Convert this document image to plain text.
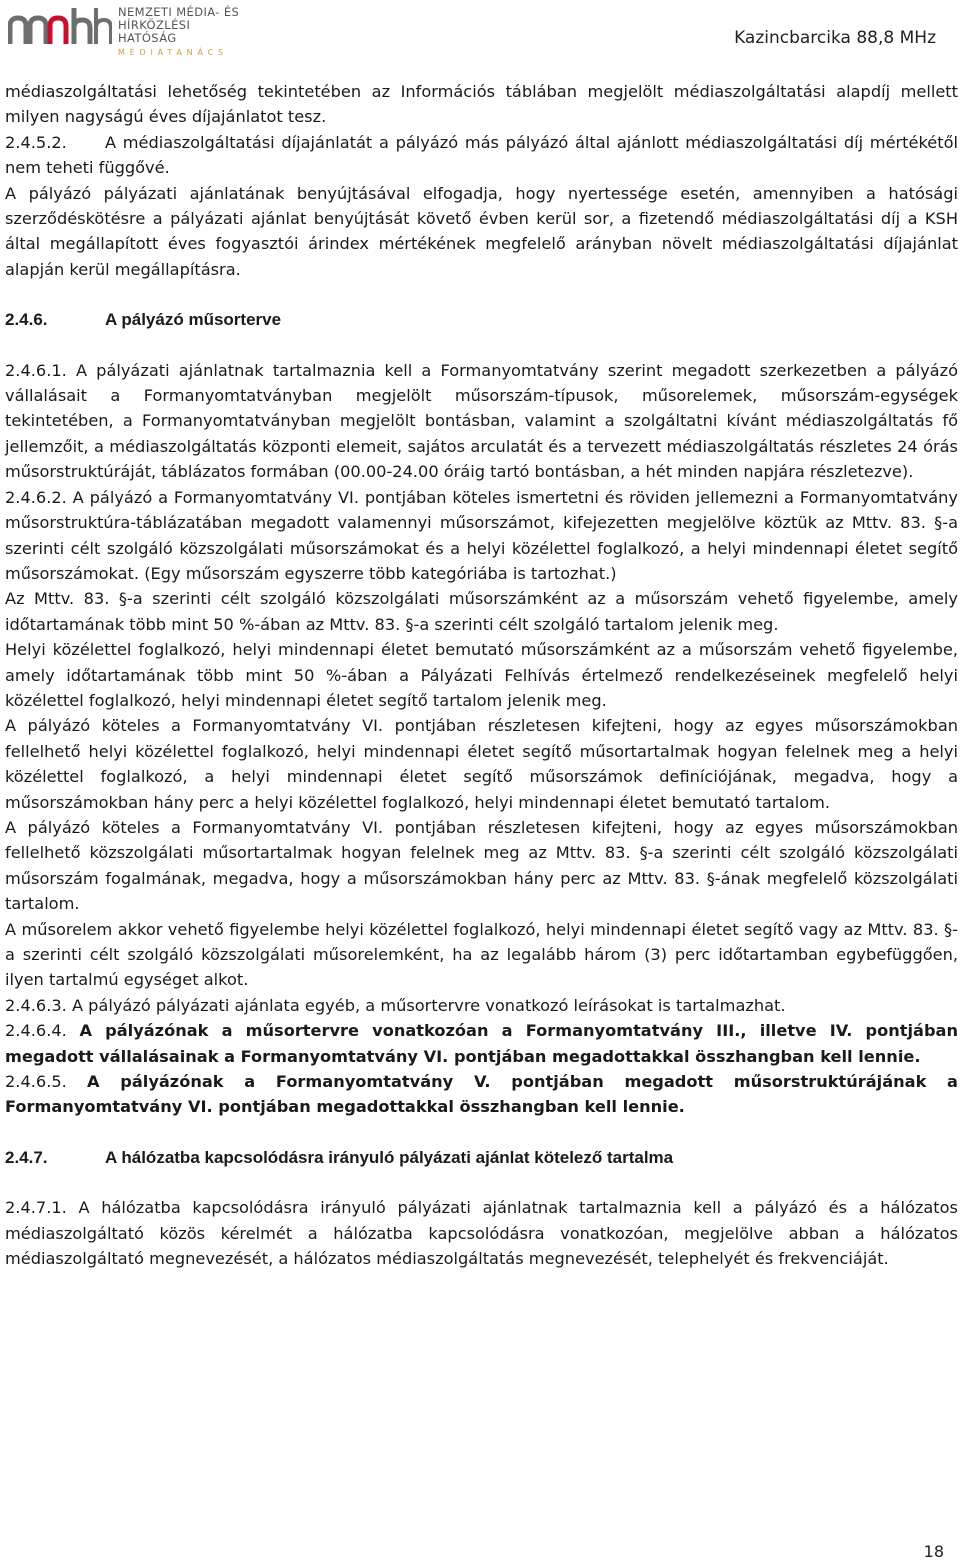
NEMZETI MÉDIA- ÉS
HÍRKÖZLÉSI HATÓSÁG
MÉDIATANÁCS
Kazincbarcika 88,8 MHz

médiaszolgáltatási lehetőség tekintetében az Információs táblában megjelölt médiaszolgáltatási alapdíj mellett milyen nagyságú éves díjajánlatot tesz.

2.4.5.2. A médiaszolgáltatási díjajánlatát a pályázó más pályázó által ajánlott médiaszolgáltatási díj mértékétől nem teheti függővé.

A pályázó pályázati ajánlatának benyújtásával elfogadja, hogy nyertessége esetén, amennyiben a hatósági szerződéskötésre a pályázati ajánlat benyújtását követő évben kerül sor, a fizetendő médiaszolgáltatási díj a KSH által megállapított éves fogyasztói árindex mértékének megfelelő arányban növelt médiaszolgáltatási díjajánlat alapján kerül megállapításra.

2.4.6.	A pályázó műsorterve

2.4.6.1. A pályázati ajánlatnak tartalmaznia kell a Formanyomtatvány szerint megadott szerkezetben a pályázó vállalásait a Formanyomtatványban megjelölt műsorszám-típusok, műsorelemek, műsorszám-egységek tekintetében, a Formanyomtatványban megjelölt bontásban, valamint a szolgáltatni kívánt médiaszolgáltatás fő jellemzőit, a médiaszolgáltatás központi elemeit, sajátos arculatát és a tervezett médiaszolgáltatás részletes 24 órás műsorstruktúráját, táblázatos formában (00.00-24.00 óráig tartó bontásban, a hét minden napjára részletezve).

2.4.6.2. A pályázó a Formanyomtatvány VI. pontjában köteles ismertetni és röviden jellemezni a Formanyomtatvány műsorstruktúra-táblázatában megadott valamennyi műsorszámot, kifejezetten megjelölve köztük az Mttv. 83. §-a szerinti célt szolgáló közszolgálati műsorszámokat és a helyi közélettel foglalkozó, a helyi mindennapi életet segítő műsorszámokat. (Egy műsorszám egyszerre több kategóriába is tartozhat.)

Az Mttv. 83. §-a szerinti célt szolgáló közszolgálati műsorszámként az a műsorszám vehető figyelembe, amely időtartamának több mint 50 %-ában az Mttv. 83. §-a szerinti célt szolgáló tartalom jelenik meg.

Helyi közélettel foglalkozó, helyi mindennapi életet bemutató műsorszámként az a műsorszám vehető figyelembe, amely időtartamának több mint 50 %-ában a Pályázati Felhívás értelmező rendelkezéseinek megfelelő helyi közélettel foglalkozó, helyi mindennapi életet segítő tartalom jelenik meg.

A pályázó köteles a Formanyomtatvány VI. pontjában részletesen kifejteni, hogy az egyes műsorszámokban fellelhető helyi közélettel foglalkozó, helyi mindennapi életet segítő műsortartalmak hogyan felelnek meg a helyi közélettel foglalkozó, a helyi mindennapi életet segítő műsorszámok definíciójának, megadva, hogy a műsorszámokban hány perc a helyi közélettel foglalkozó, helyi mindennapi életet bemutató tartalom.

A pályázó köteles a Formanyomtatvány VI. pontjában részletesen kifejteni, hogy az egyes műsorszámokban fellelhető közszolgálati műsortartalmak hogyan felelnek meg az Mttv. 83. §-a szerinti célt szolgáló közszolgálati műsorszám fogalmának, megadva, hogy a műsorszámokban hány perc az Mttv. 83. §-ának megfelelő közszolgálati tartalom.

A műsorelem akkor vehető figyelembe helyi közélettel foglalkozó, helyi mindennapi életet segítő vagy az Mttv. 83. §-a szerinti célt szolgáló közszolgálati műsorelemként, ha az legalább három (3) perc időtartamban egybefüggően, ilyen tartalmú egységet alkot.

2.4.6.3. A pályázó pályázati ajánlata egyéb, a műsortervre vonatkozó leírásokat is tartalmazhat.

2.4.6.4. A pályázónak a műsortervre vonatkozóan a Formanyomtatvány III., illetve IV. pontjában megadott vállalásainak a Formanyomtatvány VI. pontjában megadottakkal összhangban kell lennie.

2.4.6.5. A pályázónak a Formanyomtatvány V. pontjában megadott műsorstruktúrájának a Formanyomtatvány VI. pontjában megadottakkal összhangban kell lennie.

2.4.7.	A hálózatba kapcsolódásra irányuló pályázati ajánlat kötelező tartalma

2.4.7.1. A hálózatba kapcsolódásra irányuló pályázati ajánlatnak tartalmaznia kell a pályázó és a hálózatos médiaszolgáltató közös kérelmét a hálózatba kapcsolódásra vonatkozóan, megjelölve abban a hálózatos médiaszolgáltató megnevezését, a hálózatos médiaszolgáltatás megnevezését, telephelyét és frekvenciáját.

18
